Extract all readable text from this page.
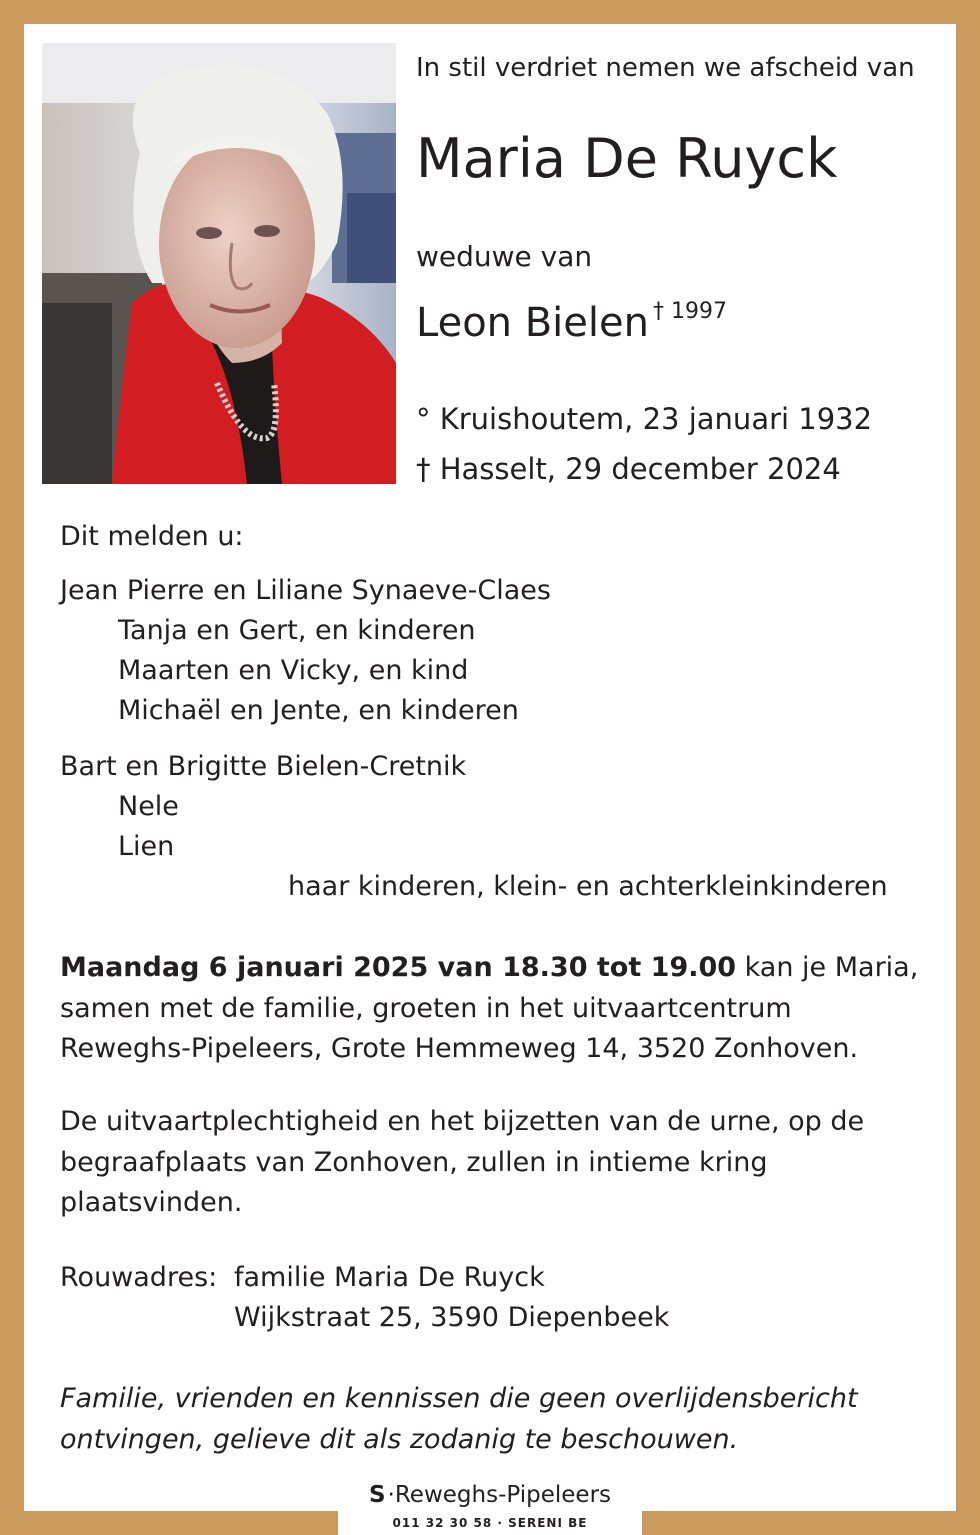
In stil verdriet nemen we afscheid van
Maria De Ruyck
weduwe van
Leon Bielen $^{\dagger 1997}$
° Kruishoutem, 23 januari 1932
† Hasselt, 29 december 2024
Dit melden u:
Jean Pierre en Liliane Synaeve-Claes
Tanja en Gert, en kinderen
Maarten en Vicky, en kind
Michaël en Jente, en kinderen
Bart en Brigitte Bielen-Cretnik
Nele
Lien
haar kinderen, klein- en achterkleinkinderen
Maandag 6 januari 2025 van 18.30 tot 19.00 kan je Maria, samen met de familie, groeten in het uitvaartcentrum Reweghs-Pipeleers, Grote Hemmeweg 14, 3520 Zonhoven.
De uitvaartplechtigheid en het bijzetten van de urne, op de begraafplaats van Zonhoven, zullen in intieme kring plaatsvinden.
Rouwadres: familie Maria De Ruyck
Wijkstraat 25, 3590 Diepenbeek
Familie, vrienden en kennissen die geen overlijdensbericht ontvingen, gelieve dit als zodanig te beschouwen.
S·Reweghs-Pipeleers
011 32 30 58 · SERENI BE
